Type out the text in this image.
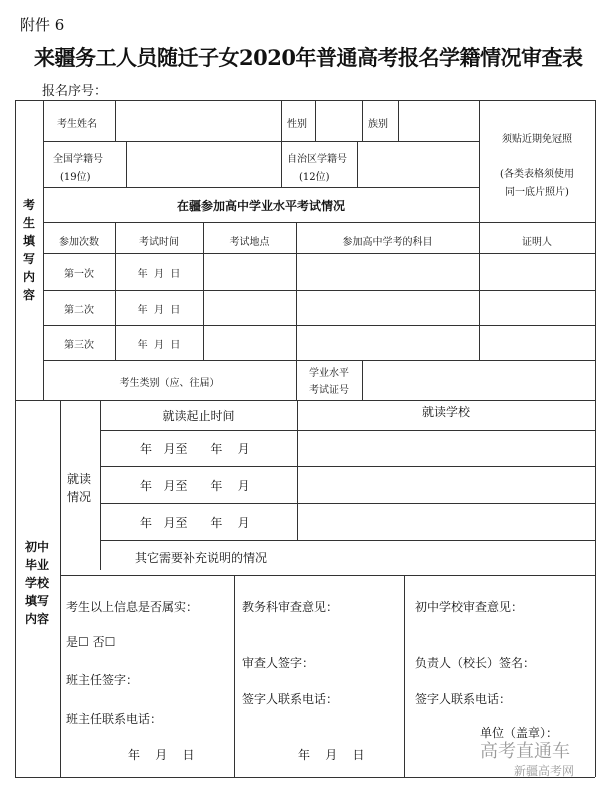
附件 6
来疆务工人员随迁子女2020年普通高考报名学籍情况审查表
报名序号：
考生填写内容
考生姓名	性别	族别
须贴近期免冠照
(各类表格须使用
同一底片照片)
全国学籍号
(19位)
自治区学籍号
(12位)
在疆参加高中学业水平考试情况
参加次数	考试时间	考试地点	参加高中学考的科目	证明人
第一次	年  月  日
第二次	年  月  日
第三次	年  月  日
考生类别（应、往届）
学业水平
考试证号
初中毕业学校填写内容
就读情况
就读起止时间	就读学校
年   月至      年    月
年   月至      年    月
年   月至      年    月
其它需要补充说明的情况
考生以上信息是否属实：
是☐ 否☐
班主任签字：
班主任联系电话：
年    月    日
教务科审查意见：
审查人签字：
签字人联系电话：
年    月    日
初中学校审查意见：
负责人（校长）签名：
签字人联系电话：
单位（盖章）：
高考直通车
新疆高考网
